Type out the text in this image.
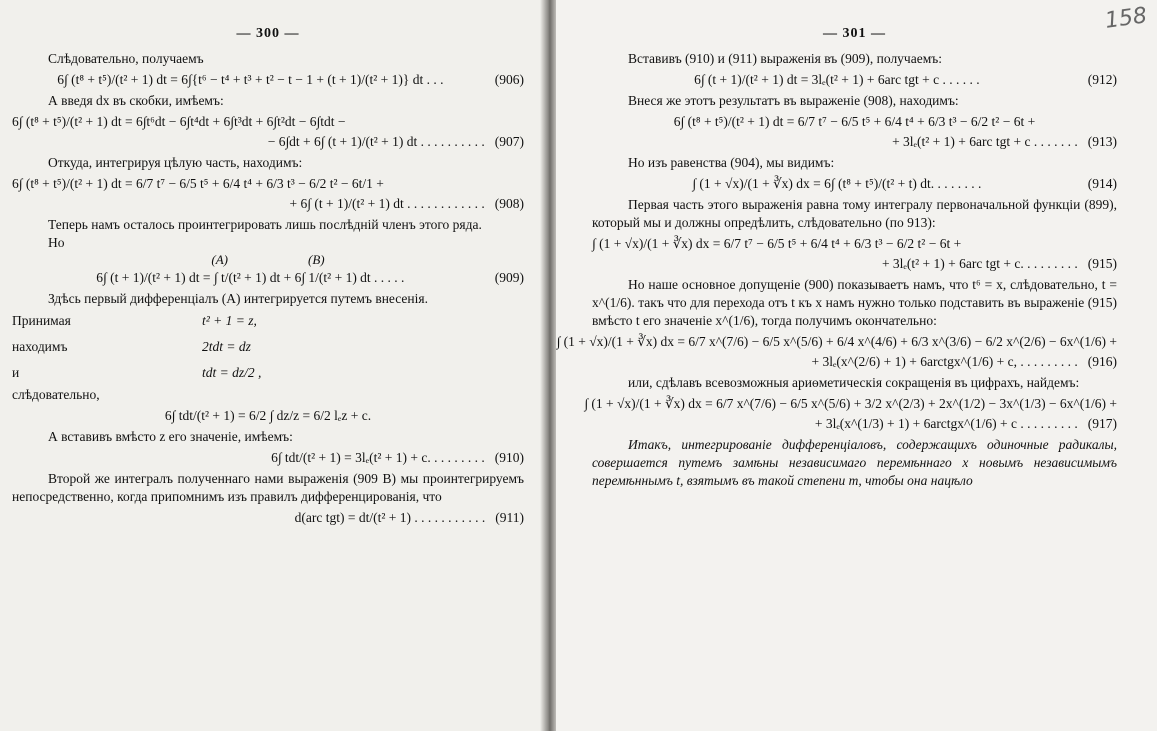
— 300 —

Слѣдовательно, получаемъ

6∫ (t⁸ + t⁵)/(t² + 1) dt = 6∫{t⁶ − t⁴ + t³ + t² − t − 1 + (t + 1)/(t² + 1)} dt . . .	(906)

А введя dx въ скобки, имѣемъ:

6∫ (t⁸ + t⁵)/(t² + 1) dt = 6∫t⁶dt − 6∫t⁴dt + 6∫t³dt + 6∫t²dt − 6∫tdt −
− 6∫dt + 6∫ (t + 1)/(t² + 1) dt . . . . . . . . . . (907)

Откуда, интегрируя цѣлую часть, находимъ:

6∫ (t⁸ + t⁵)/(t² + 1) dt = 6/7 t⁷ − 6/5 t⁵ + 6/4 t⁴ + 6/3 t³ − 6/2 t² − 6t/1 +
+ 6∫ (t + 1)/(t² + 1) dt . . . . . . . . . . . . (908)

Теперь намъ осталось проинтегрировать лишь послѣдній членъ этого ряда.

Но

(A)	(B)
6∫ (t + 1)/(t² + 1) dt = ∫ t/(t² + 1) dt + 6∫ 1/(t² + 1) dt . . . . .	(909)

Здѣсь первый дифференціалъ (A) интегрируется путемъ внесенія.

Принимая	t² + 1 = z,
находимъ	2tdt = dz
и	tdt = dz/2 ,

слѣдовательно,

6∫ tdt/(t² + 1) = 6/2 ∫ dz/z = 6/2 lₑz + c.

А вставивъ вмѣсто z его значеніе, имѣемъ:

6∫ tdt/(t² + 1) = 3lₑ(t² + 1) + c. . . . . . . . . (910)

Второй же интегралъ полученнаго нами выраженія (909 B) мы проинтегрируемъ непосредственно, когда припомнимъ изъ правилъ дифференцированія, что

d(arc tgt) = dt/(t² + 1) . . . . . . . . . . . (911)
158
— 301 —

Вставивъ (910) и (911) выраженія въ (909), получаемъ:

6∫ (t + 1)/(t² + 1) dt = 3lₑ(t² + 1) + 6arc tgt + c . . . . . .	(912)

Внеся же этотъ результатъ въ выраженіе (908), находимъ:

6∫ (t⁸ + t⁵)/(t² + 1) dt = 6/7 t⁷ − 6/5 t⁵ + 6/4 t⁴ + 6/3 t³ − 6/2 t² − 6t +
+ 3lₑ(t² + 1) + 6arc tgt + c . . . . . . . (913)

Но изъ равенства (904), мы видимъ:

∫ (1 + √x)/(1 + ∛x) dx = 6∫ (t⁸ + t⁵)/(t² + t) dt. . . . . . . .	(914)

Первая часть этого выраженія равна тому интегралу первоначальной функціи (899), который мы и должны опредѣлить, слѣдовательно (по 913):

∫ (1 + √x)/(1 + ∛x) dx = 6/7 t⁷ − 6/5 t⁵ + 6/4 t⁴ + 6/3 t³ − 6/2 t² − 6t +
+ 3lₑ(t² + 1) + 6arc tgt + c. . . . . . . . . (915)

Но наше основное допущеніе (900) показываетъ намъ, что t⁶ = x, слѣдовательно, t = x^(1/6). такъ что для перехода отъ t къ x намъ нужно только подставить въ выраженіе (915) вмѣсто t его значеніе x^(1/6), тогда получимъ окончательно:

∫ (1 + √x)/(1 + ∛x) dx = 6/7 x^(7/6) − 6/5 x^(5/6) + 6/4 x^(4/6) + 6/3 x^(3/6) − 6/2 x^(2/6) − 6x^(1/6) +
+ 3lₑ(x^(2/6) + 1) + 6arctgx^(1/6) + c, . . . . . . . . . (916)

или, сдѣлавъ всевозможныя ариѳметическія сокращенія въ цифрахъ, найдемъ:

∫ (1 + √x)/(1 + ∛x) dx = 6/7 x^(7/6) − 6/5 x^(5/6) + 3/2 x^(2/3) + 2x^(1/2) − 3x^(1/3) − 6x^(1/6) +
+ 3lₑ(x^(1/3) + 1) + 6arctgx^(1/6) + c . . . . . . . . . (917)

Итакъ, интегрированіе дифференціаловъ, содержащихъ одиночные радикалы, совершается путемъ замѣны независимаго перемѣннаго x новымъ независимымъ перемѣннымъ t, взятымъ въ такой степени m, чтобы она нацѣло
